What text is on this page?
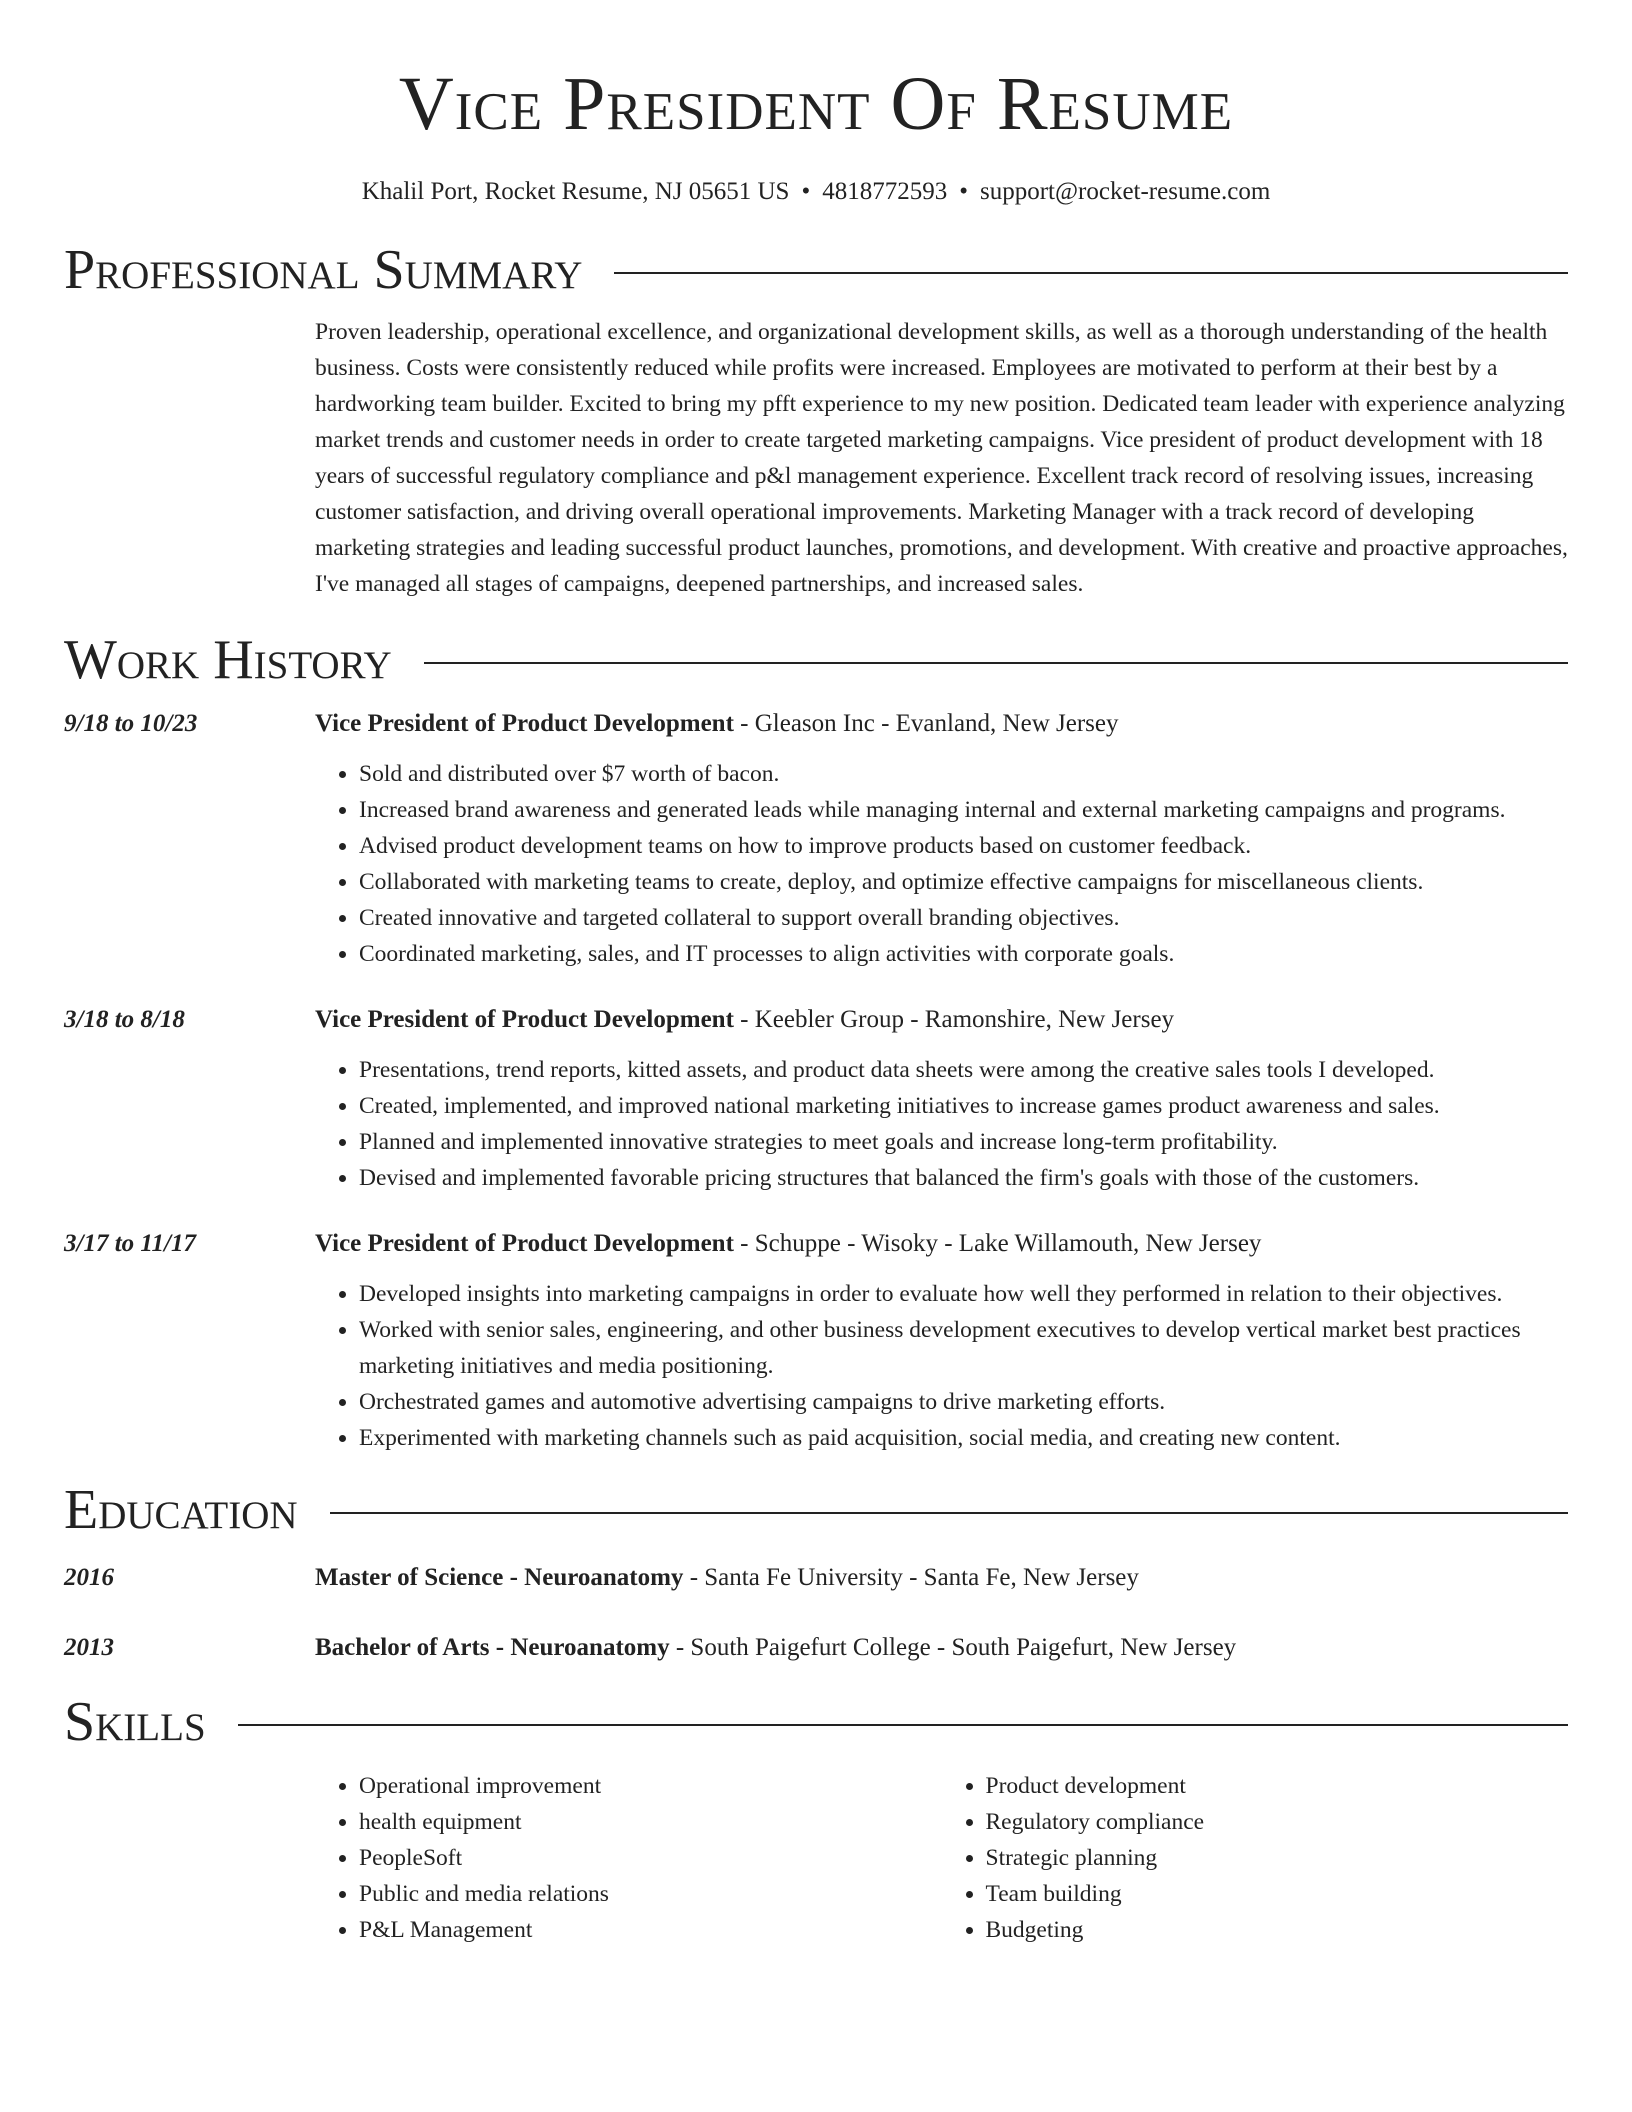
Vice President Of Resume
Khalil Port, Rocket Resume, NJ 05651 US • 4818772593 • support@rocket-resume.com
Professional Summary
Proven leadership, operational excellence, and organizational development skills, as well as a thorough understanding of the health business. Costs were consistently reduced while profits were increased. Employees are motivated to perform at their best by a hardworking team builder. Excited to bring my pfft experience to my new position. Dedicated team leader with experience analyzing market trends and customer needs in order to create targeted marketing campaigns. Vice president of product development with 18 years of successful regulatory compliance and p&l management experience. Excellent track record of resolving issues, increasing customer satisfaction, and driving overall operational improvements. Marketing Manager with a track record of developing marketing strategies and leading successful product launches, promotions, and development. With creative and proactive approaches, I've managed all stages of campaigns, deepened partnerships, and increased sales.
Work History
9/18 to 10/23	Vice President of Product Development - Gleason Inc - Evanland, New Jersey
• Sold and distributed over $7 worth of bacon.
• Increased brand awareness and generated leads while managing internal and external marketing campaigns and programs.
• Advised product development teams on how to improve products based on customer feedback.
• Collaborated with marketing teams to create, deploy, and optimize effective campaigns for miscellaneous clients.
• Created innovative and targeted collateral to support overall branding objectives.
• Coordinated marketing, sales, and IT processes to align activities with corporate goals.
3/18 to 8/18	Vice President of Product Development - Keebler Group - Ramonshire, New Jersey
• Presentations, trend reports, kitted assets, and product data sheets were among the creative sales tools I developed.
• Created, implemented, and improved national marketing initiatives to increase games product awareness and sales.
• Planned and implemented innovative strategies to meet goals and increase long-term profitability.
• Devised and implemented favorable pricing structures that balanced the firm's goals with those of the customers.
3/17 to 11/17	Vice President of Product Development - Schuppe - Wisoky - Lake Willamouth, New Jersey
• Developed insights into marketing campaigns in order to evaluate how well they performed in relation to their objectives.
• Worked with senior sales, engineering, and other business development executives to develop vertical market best practices marketing initiatives and media positioning.
• Orchestrated games and automotive advertising campaigns to drive marketing efforts.
• Experimented with marketing channels such as paid acquisition, social media, and creating new content.
Education
2016	Master of Science - Neuroanatomy - Santa Fe University - Santa Fe, New Jersey
2013	Bachelor of Arts - Neuroanatomy - South Paigefurt College - South Paigefurt, New Jersey
Skills
• Operational improvement
• health equipment
• PeopleSoft
• Public and media relations
• P&L Management
• Product development
• Regulatory compliance
• Strategic planning
• Team building
• Budgeting
